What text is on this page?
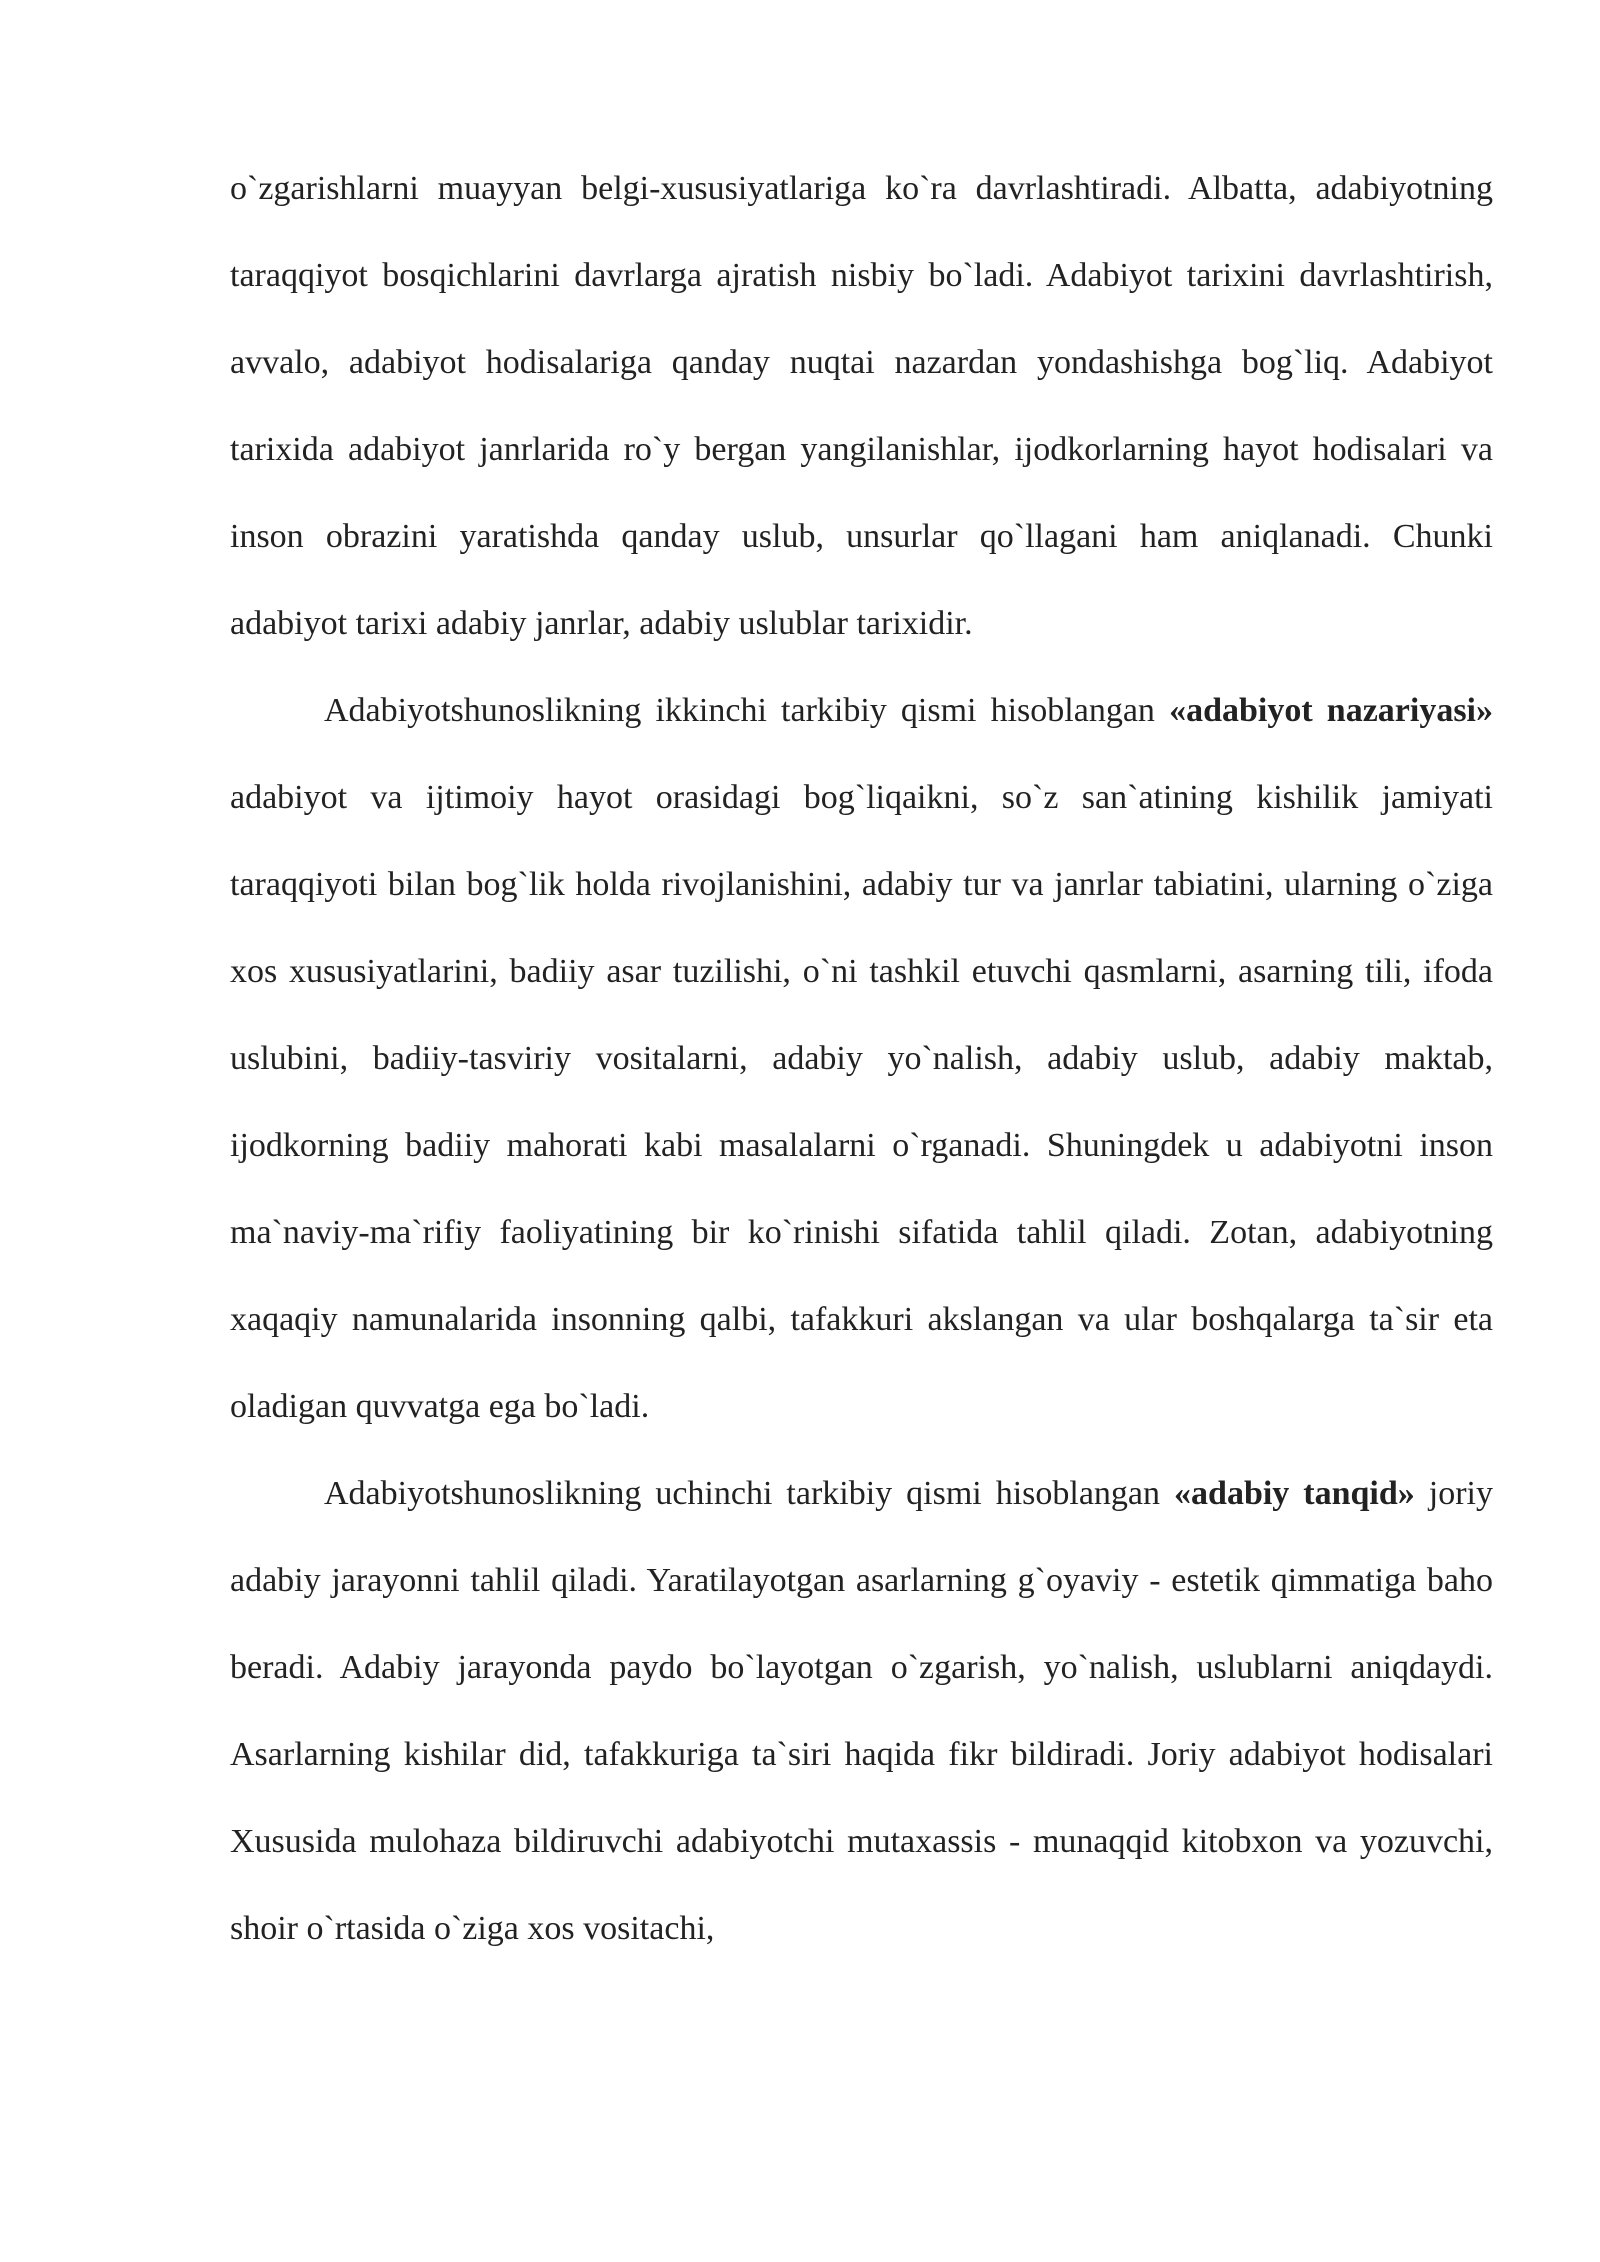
o`zgarishlarni muayyan belgi-xususiyatlariga ko`ra davrlashtiradi. Albatta, adabiyotning taraqqiyot bosqichlarini davrlarga ajratish nisbiy bo`ladi. Adabiyot tarixini davrlashtirish, avvalo, adabiyot hodisalariga qanday nuqtai nazardan yondashishga bog`liq. Adabiyot tarixida adabiyot janrlarida ro`y bergan yangilanishlar, ijodkorlarning hayot hodisalari va inson obrazini yaratishda qanday uslub, unsurlar qo`llagani ham aniqlanadi. Chunki adabiyot tarixi adabiy janrlar, adabiy uslublar tarixidir.

Adabiyotshunoslikning ikkinchi tarkibiy qismi hisoblangan «adabiyot nazariyasi» adabiyot va ijtimoiy hayot orasidagi bog`liqaikni, so`z san`atining kishilik jamiyati taraqqiyoti bilan bog`lik holda rivojlanishini, adabiy tur va janrlar tabiatini, ularning o`ziga xos xususiyatlarini, badiiy asar tuzilishi, o`ni tashkil etuvchi qasmlarni, asarning tili, ifoda uslubini, badiiy-tasviriy vositalarni, adabiy yo`nalish, adabiy uslub, adabiy maktab, ijodkorning badiiy mahorati kabi masalalarni o`rganadi. Shuningdek u adabiyotni inson ma`naviy-ma`rifiy faoliyatining bir ko`rinishi sifatida tahlil qiladi. Zotan, adabiyotning xaqaqiy namunalarida insonning qalbi, tafakkuri akslangan va ular boshqalarga ta`sir eta oladigan quvvatga ega bo`ladi.

Adabiyotshunoslikning uchinchi tarkibiy qismi hisoblangan «adabiy tanqid» joriy adabiy jarayonni tahlil qiladi. Yaratilayotgan asarlarning g`oyaviy - estetik qimmatiga baho beradi. Adabiy jarayonda paydo bo`layotgan o`zgarish, yo`nalish, uslublarni aniqdaydi. Asarlarning kishilar did, tafakkuriga ta`siri haqida fikr bildiradi. Joriy adabiyot hodisalari Xususida mulohaza bildiruvchi adabiyotchi mutaxassis - munaqqid kitobxon va yozuvchi, shoir o`rtasida o`ziga xos vositachi,
